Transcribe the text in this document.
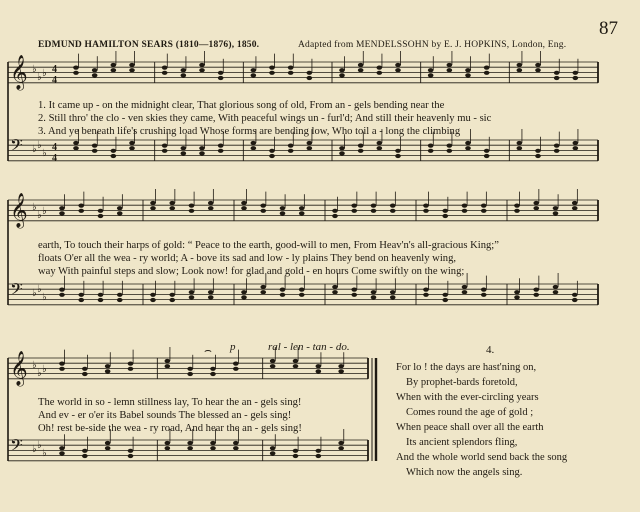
87
EDMUND HAMILTON SEARS (1810—1876), 1850.	Adapted from MENDELSSOHN by E. J. HOPKINS, London, Eng.
𝄞 ♭
♭ ♭ 4
4
𝄢 ♭ ♭
♭
4
4
𝄞 ♭
♭ ♭
𝄢 ♭ ♭
♭
𝄞 ♭
♭ ♭
𝄢 ♭ ♭
♭
⌢
1. It came up - on the midnight clear, That glorious song of old, From an - gels bending near the
2. Still thro' the clo - ven skies they came, With peaceful wings un - furl'd; And still their heavenly mu - sic
3. And ye beneath life's crushing load Whose forms are bending low, Who toil a - long the climbing
earth, To touch their harps of gold: “ Peace to the earth, good-will to men, From Heav'n's all-gracious King;”
floats O'er all the wea - ry world; A - bove its sad and low - ly plains They bend on heavenly wing,
way With painful steps and slow; Look now! for glad and gold - en hours Come swiftly on the wing;
p	ral - len - tan - do.
The world in so - lemn stillness lay, To hear the an - gels sing!
And ev - er o'er its Babel sounds The blessed an - gels sing!
Oh! rest be-side the wea - ry road, And hear the an - gels sing!
4.
For lo ! the days are hast'ning on,
By prophet-bards foretold,
When with the ever-circling years
Comes round the age of gold ;
When peace shall over all the earth
Its ancient splendors fling,
And the whole world send back the song
Which now the angels sing.
